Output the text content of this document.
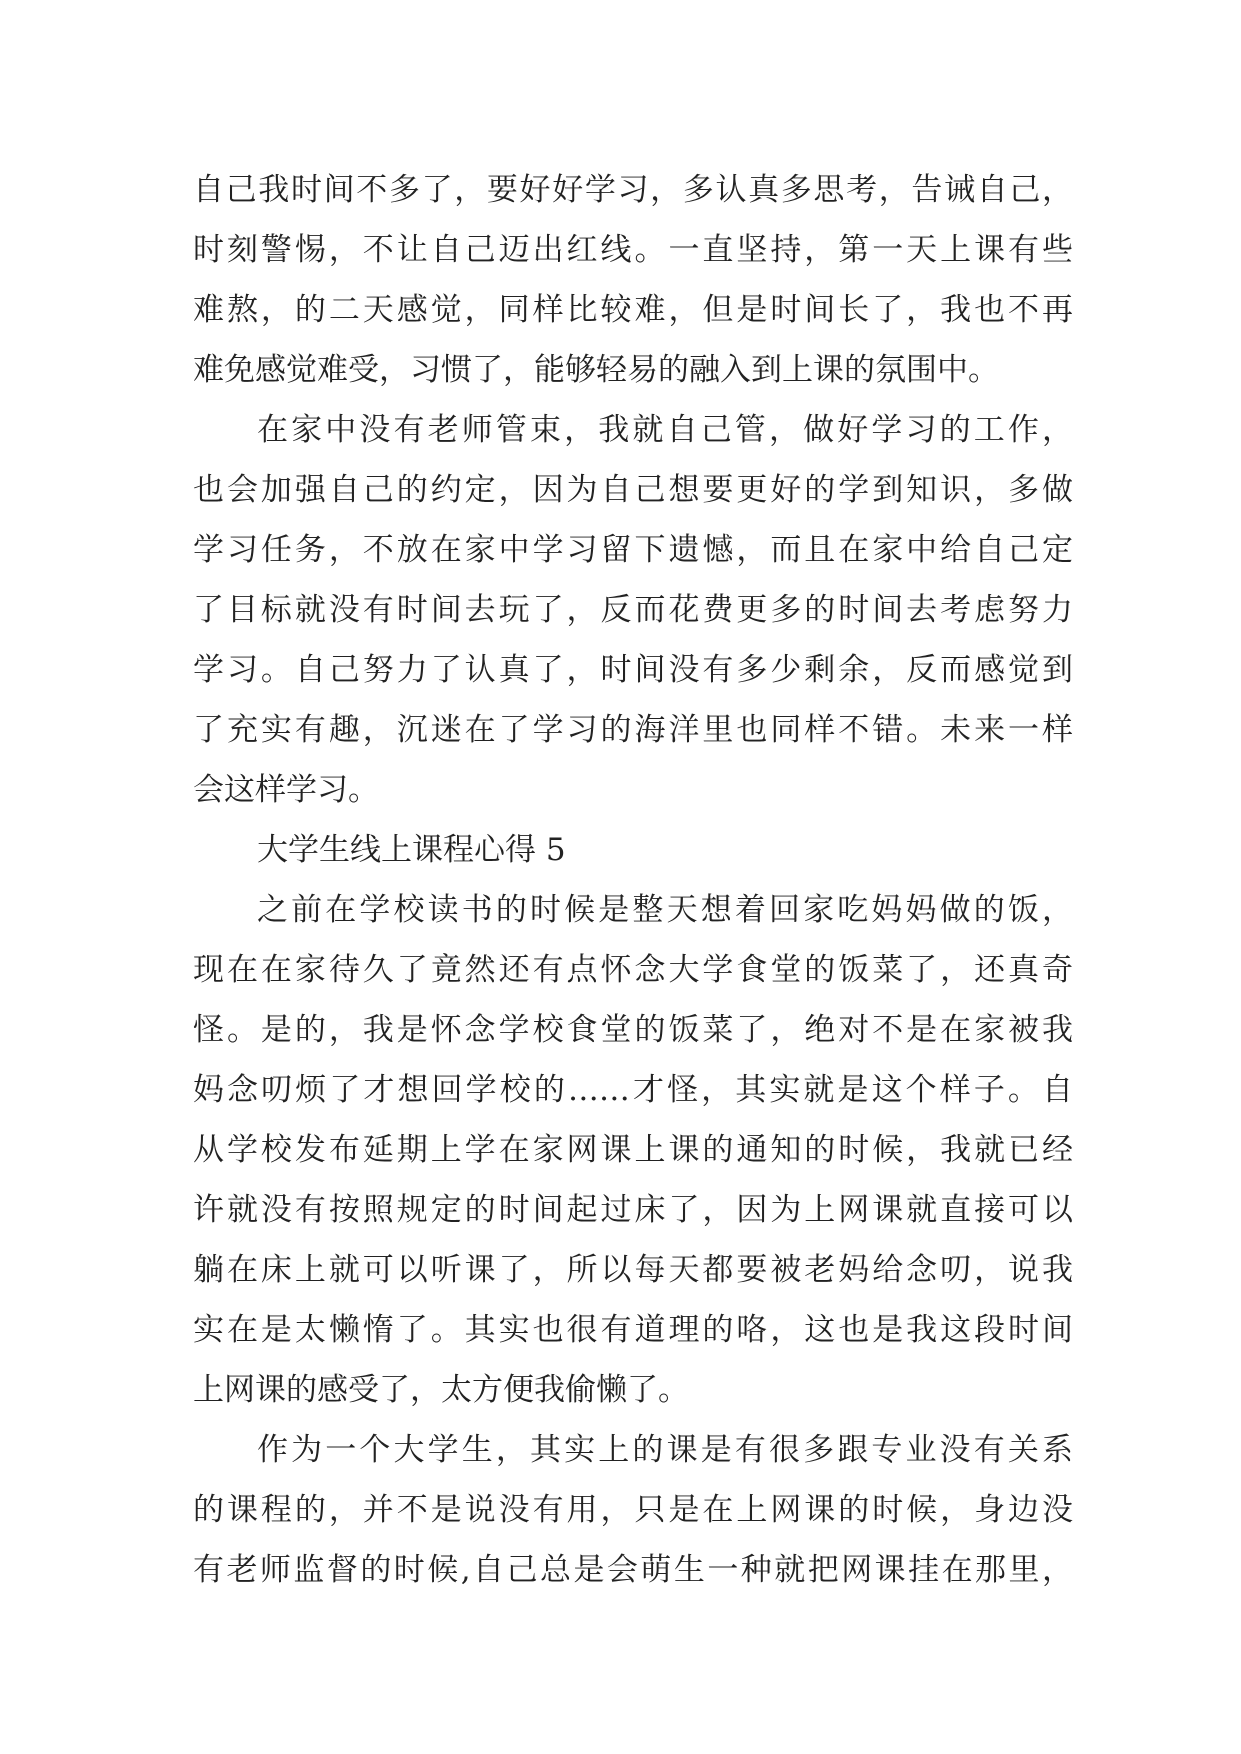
自己我时间不多了，要好好学习，多认真多思考，告诫自己，
时刻警惕，不让自己迈出红线。一直坚持，第一天上课有些
难熬，的二天感觉，同样比较难，但是时间长了，我也不再
难免感觉难受，习惯了，能够轻易的融入到上课的氛围中。
在家中没有老师管束，我就自己管，做好学习的工作，
也会加强自己的约定，因为自己想要更好的学到知识，多做
学习任务，不放在家中学习留下遗憾，而且在家中给自己定
了目标就没有时间去玩了，反而花费更多的时间去考虑努力
学习。自己努力了认真了，时间没有多少剩余，反而感觉到
了充实有趣，沉迷在了学习的海洋里也同样不错。未来一样
会这样学习。
大学生线上课程心得 5
之前在学校读书的时候是整天想着回家吃妈妈做的饭，
现在在家待久了竟然还有点怀念大学食堂的饭菜了，还真奇
怪。是的，我是怀念学校食堂的饭菜了，绝对不是在家被我
妈念叨烦了才想回学校的……才怪，其实就是这个样子。自
从学校发布延期上学在家网课上课的通知的时候，我就已经
许就没有按照规定的时间起过床了，因为上网课就直接可以
躺在床上就可以听课了，所以每天都要被老妈给念叨，说我
实在是太懒惰了。其实也很有道理的咯，这也是我这段时间
上网课的感受了，太方便我偷懒了。
作为一个大学生，其实上的课是有很多跟专业没有关系
的课程的，并不是说没有用，只是在上网课的时候，身边没
有老师监督的时候,自己总是会萌生一种就把网课挂在那里，
